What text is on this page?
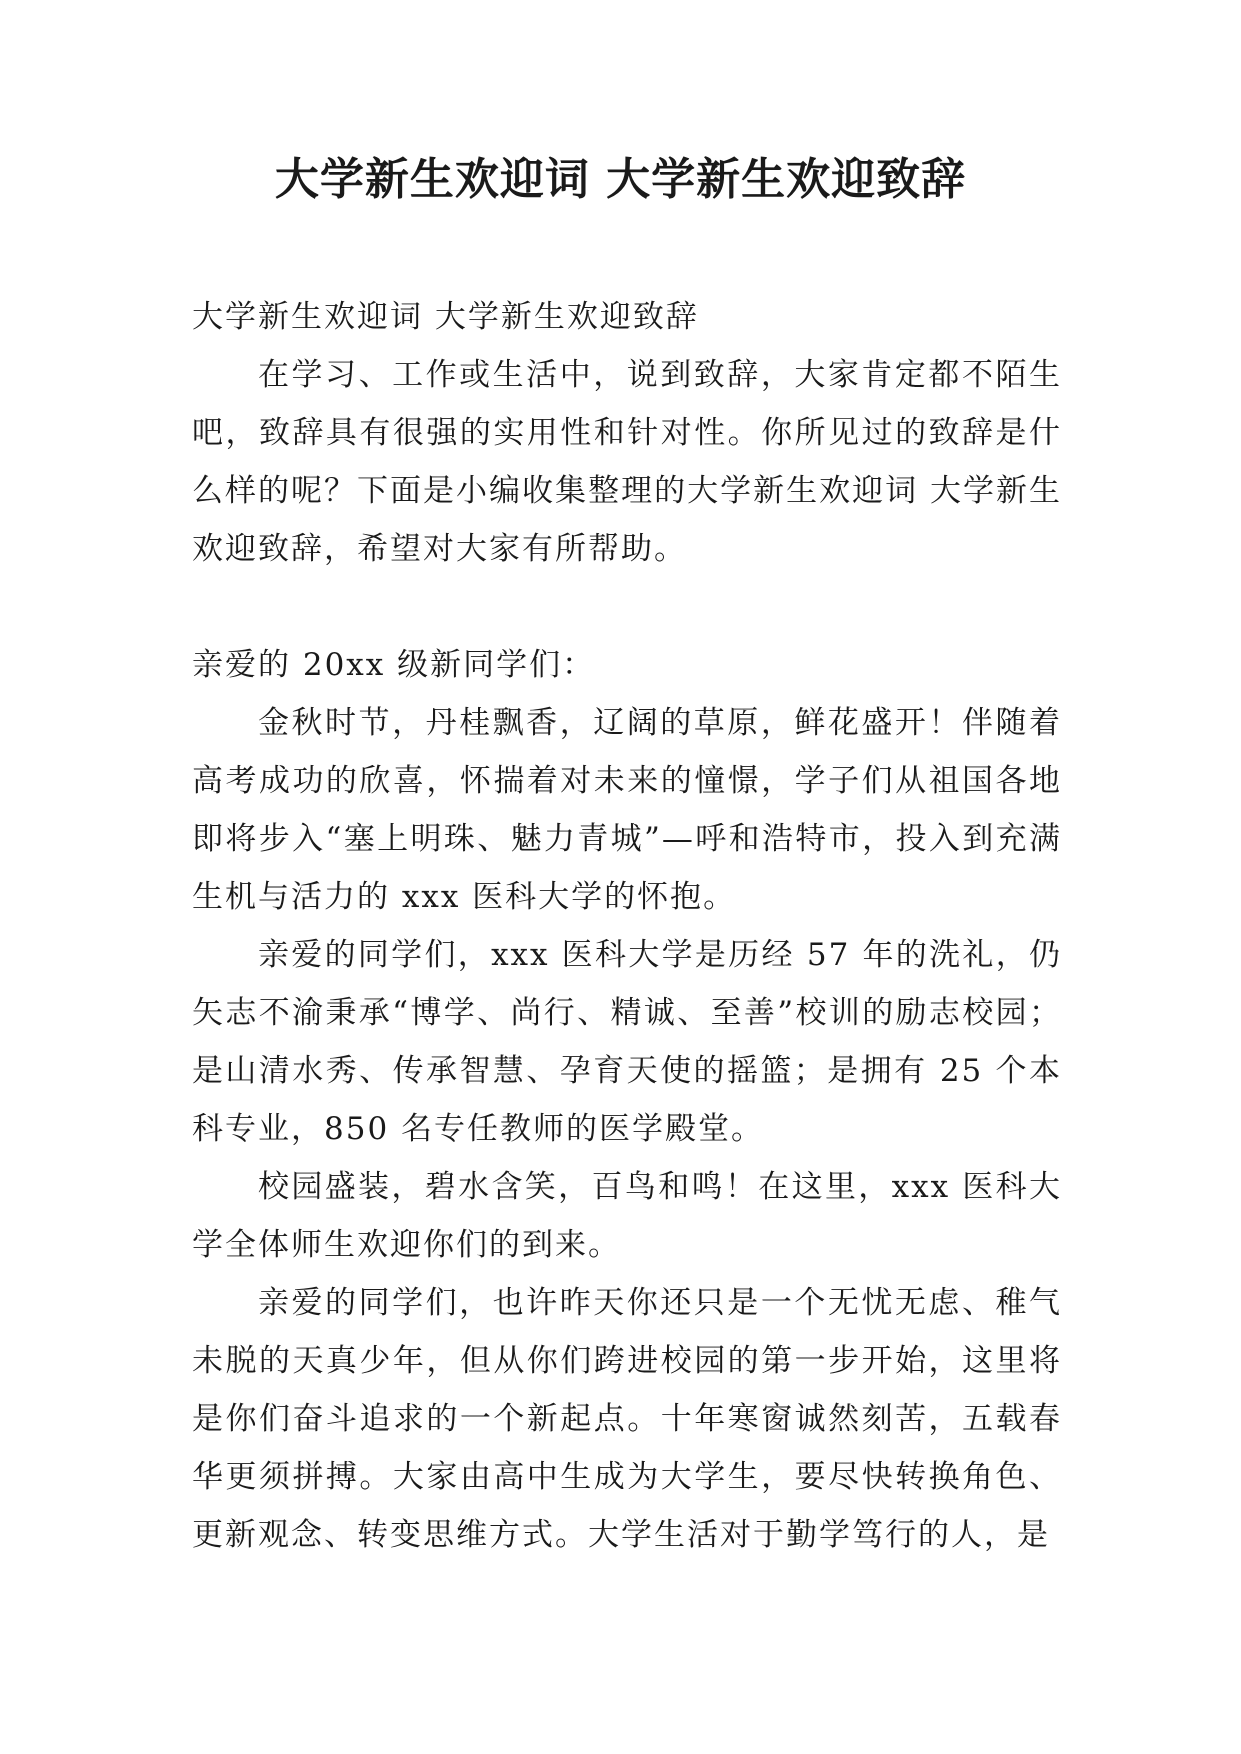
大学新生欢迎词 大学新生欢迎致辞

大学新生欢迎词 大学新生欢迎致辞

在学习、工作或生活中，说到致辞，大家肯定都不陌生吧，致辞具有很强的实用性和针对性。你所见过的致辞是什么样的呢？下面是小编收集整理的大学新生欢迎词 大学新生欢迎致辞，希望对大家有所帮助。

亲爱的 20xx 级新同学们：

金秋时节，丹桂飘香，辽阔的草原，鲜花盛开！伴随着高考成功的欣喜，怀揣着对未来的憧憬，学子们从祖国各地即将步入“塞上明珠、魅力青城”—呼和浩特市，投入到充满生机与活力的 xxx 医科大学的怀抱。

亲爱的同学们，xxx 医科大学是历经 57 年的洗礼，仍矢志不渝秉承“博学、尚行、精诚、至善”校训的励志校园；是山清水秀、传承智慧、孕育天使的摇篮；是拥有 25 个本科专业，850 名专任教师的医学殿堂。

校园盛装，碧水含笑，百鸟和鸣！在这里，xxx 医科大学全体师生欢迎你们的到来。

亲爱的同学们，也许昨天你还只是一个无忧无虑、稚气未脱的天真少年，但从你们跨进校园的第一步开始，这里将是你们奋斗追求的一个新起点。十年寒窗诚然刻苦，五载春华更须拼搏。大家由高中生成为大学生，要尽快转换角色、更新观念、转变思维方式。大学生活对于勤学笃行的人，是
